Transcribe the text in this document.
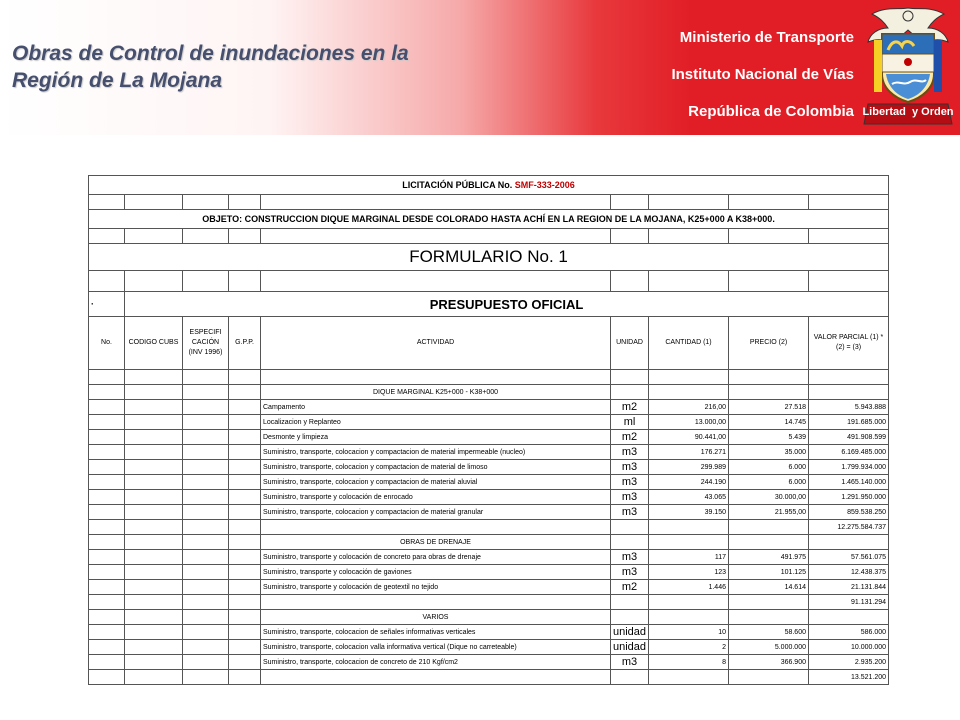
Obras de Control de inundaciones en la
Región de La Mojana
Ministerio de Transporte
Instituto Nacional de Vías
República de Colombia Libertad  y Orden
LICITACIÓN PÚBLICA No. SMF-333-2006								

OBJETO: CONSTRUCCION DIQUE MARGINAL DESDE COLORADO HASTA ACHÍ EN LA REGION DE LA MOJANA, K25+000 A K38+000.								

FORMULARIO No. 1								

·	PRESUPUESTO OFICIAL							
No.	CODIGO CUBS	ESPECIFI CACIÓN (INV 1996)	G.P.P.	ACTIVIDAD	UNIDAD	CANTIDAD (1)	PRECIO (2)	VALOR PARCIAL (1) * (2) = (3)

				DIQUE MARGINAL K25+000 - K38+000				
				Campamento	m2	216,00	27.518	5.943.888
				Localizacion y Replanteo	ml	13.000,00	14.745	191.685.000
				Desmonte y limpieza	m2	90.441,00	5.439	491.908.599
				Suministro, transporte, colocacion y compactacion de material impermeable (nucleo)	m3	176.271	35.000	6.169.485.000
				Suministro, transporte, colocacion y compactacion de material de limoso	m3	299.989	6.000	1.799.934.000
				Suministro, transporte, colocacion y compactacion de material aluvial	m3	244.190	6.000	1.465.140.000
				Suministro, transporte y colocación de enrocado	m3	43.065	30.000,00	1.291.950.000
				Suministro, transporte, colocacion y compactacion de material granular	m3	39.150	21.955,00	859.538.250
								12.275.584.737
				OBRAS DE DRENAJE				
				Suministro, transporte y colocación de concreto para obras de drenaje	m3	117	491.975	57.561.075
				Suministro, transporte y colocación de gaviones	m3	123	101.125	12.438.375
				Suministro, transporte y colocación de geotextil no tejido	m2	1.446	14.614	21.131.844
								91.131.294
				VARIOS				
				Suministro, transporte, colocacion de señales informativas verticales	unidad	10	58.600	586.000
				Suministro, transporte, colocacion valla informativa vertical (Dique no carreteable)	unidad	2	5.000.000	10.000.000
				Suministro, transporte, colocacion de concreto de 210 Kgf/cm2	m3	8	366.900	2.935.200
								13.521.200
